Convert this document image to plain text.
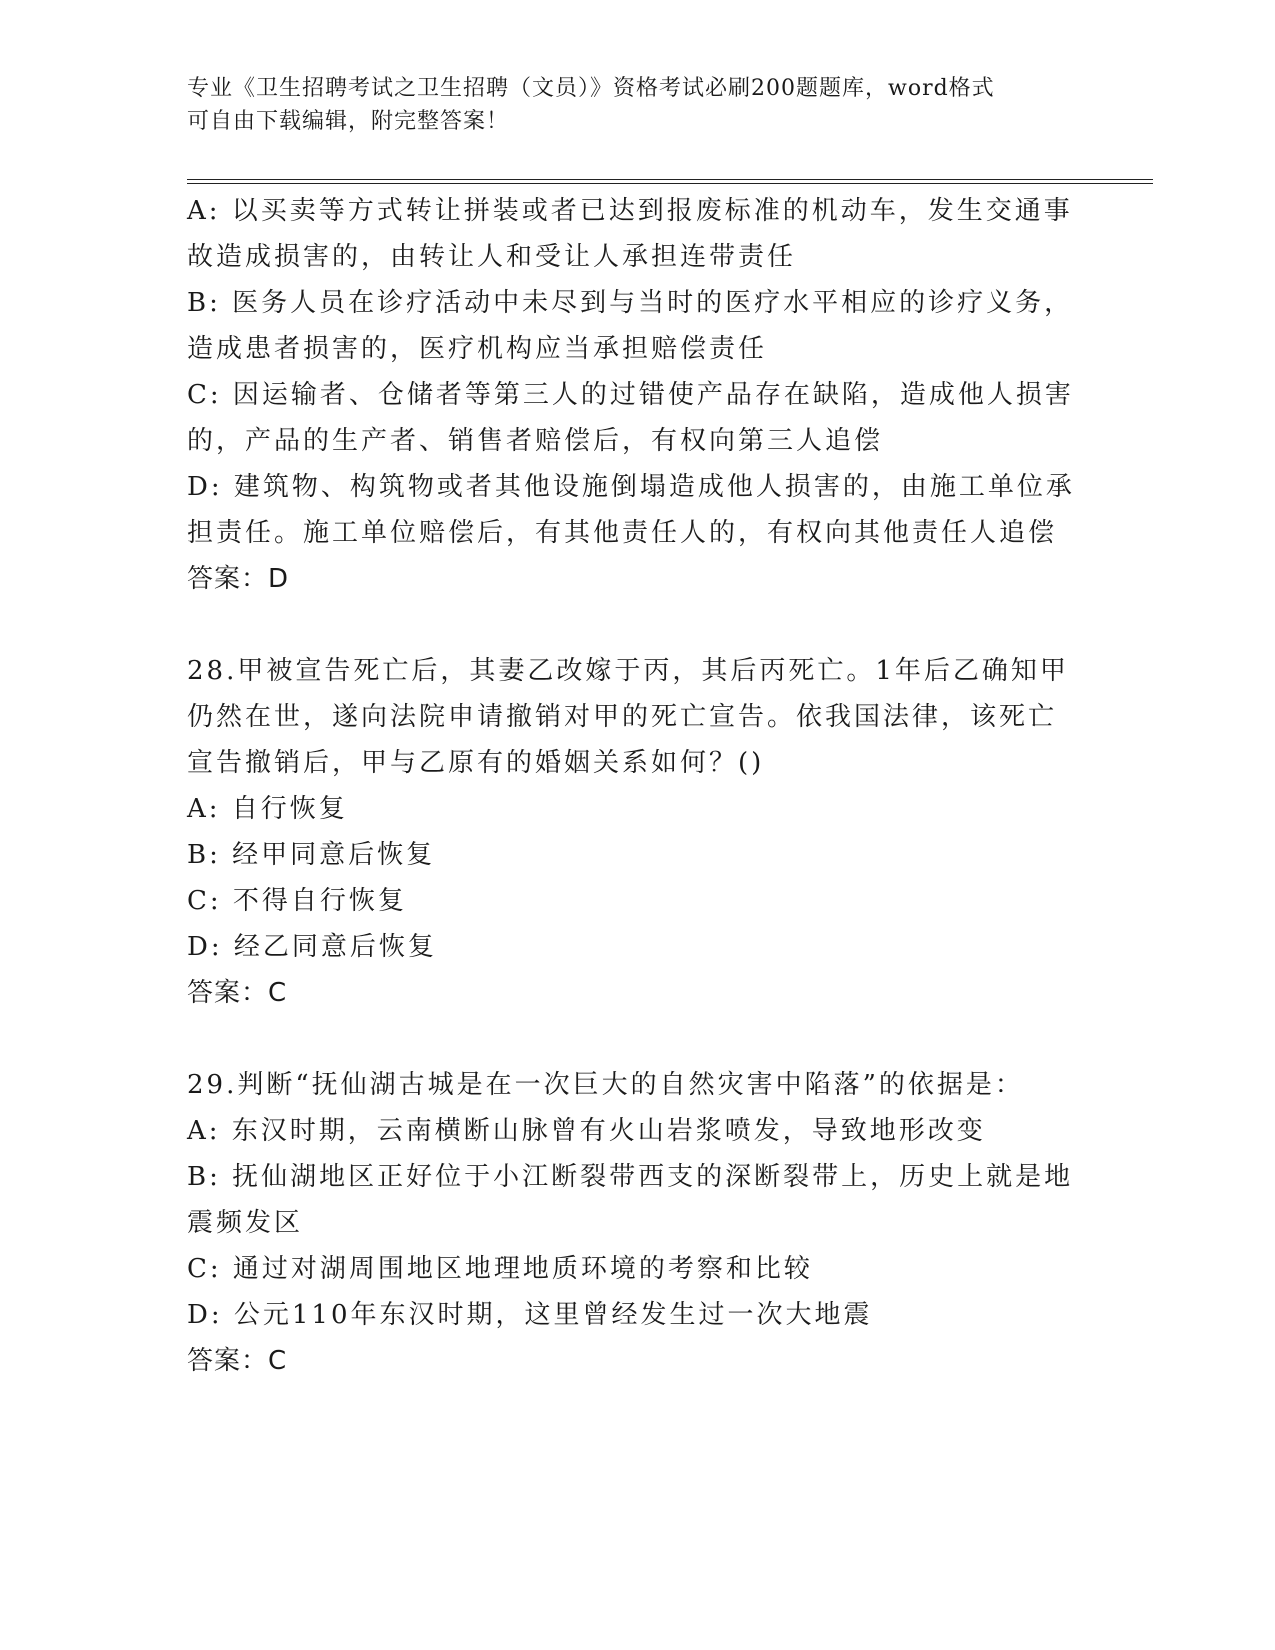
专业《卫生招聘考试之卫生招聘（文员）》资格考试必刷200题题库，word格式
可自由下载编辑，附完整答案！
A: 以买卖等方式转让拼装或者已达到报废标准的机动车，发生交通事
故造成损害的，由转让人和受让人承担连带责任
B: 医务人员在诊疗活动中未尽到与当时的医疗水平相应的诊疗义务，
造成患者损害的，医疗机构应当承担赔偿责任
C: 因运输者、仓储者等第三人的过错使产品存在缺陷，造成他人损害
的，产品的生产者、销售者赔偿后，有权向第三人追偿
D: 建筑物、构筑物或者其他设施倒塌造成他人损害的，由施工单位承
担责任。施工单位赔偿后，有其他责任人的，有权向其他责任人追偿
答案：D
28.甲被宣告死亡后，其妻乙改嫁于丙，其后丙死亡。1年后乙确知甲
仍然在世，遂向法院申请撤销对甲的死亡宣告。依我国法律，该死亡
宣告撤销后，甲与乙原有的婚姻关系如何？()
A: 自行恢复
B: 经甲同意后恢复
C: 不得自行恢复
D: 经乙同意后恢复
答案：C
29.判断“抚仙湖古城是在一次巨大的自然灾害中陷落”的依据是：
A: 东汉时期，云南横断山脉曾有火山岩浆喷发，导致地形改变
B: 抚仙湖地区正好位于小江断裂带西支的深断裂带上，历史上就是地
震频发区
C: 通过对湖周围地区地理地质环境的考察和比较
D: 公元110年东汉时期，这里曾经发生过一次大地震
答案：C
